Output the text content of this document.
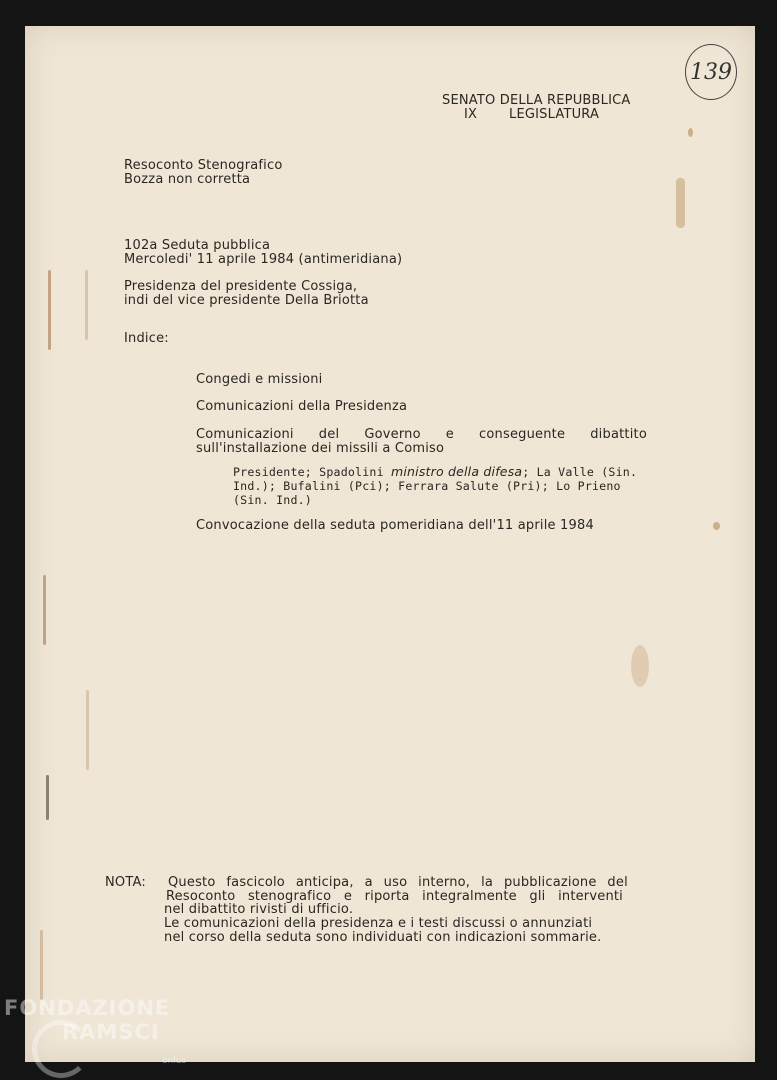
139
SENATO DELLA REPUBBLICA
IX LEGISLATURA
Resoconto Stenografico
Bozza non corretta
102a Seduta pubblica
Mercoledi' 11 aprile 1984 (antimeridiana)
Presidenza del presidente Cossiga,
indi del vice presidente Della Briotta
Indice:
Congedi e missioni
Comunicazioni della Presidenza
Comunicazioni del Governo e conseguente dibattito
sull'installazione dei missili a Comiso
Presidente; Spadolini ministro della difesa; La Valle (Sin.
Ind.); Bufalini (Pci); Ferrara Salute (Pri); Lo Prieno
(Sin. Ind.)
Convocazione della seduta pomeridiana dell'11 aprile 1984
NOTA: Questo fascicolo anticipa, a uso interno, la pubblicazione del
Resoconto stenografico e riporta integralmente gli interventi
nel dibattito rivisti di ufficio.
Le comunicazioni della presidenza e i testi discussi o annunziati
nel corso della seduta sono individuati con indicazioni sommarie.
FONDAZIONE
RAMSCI
onlus
